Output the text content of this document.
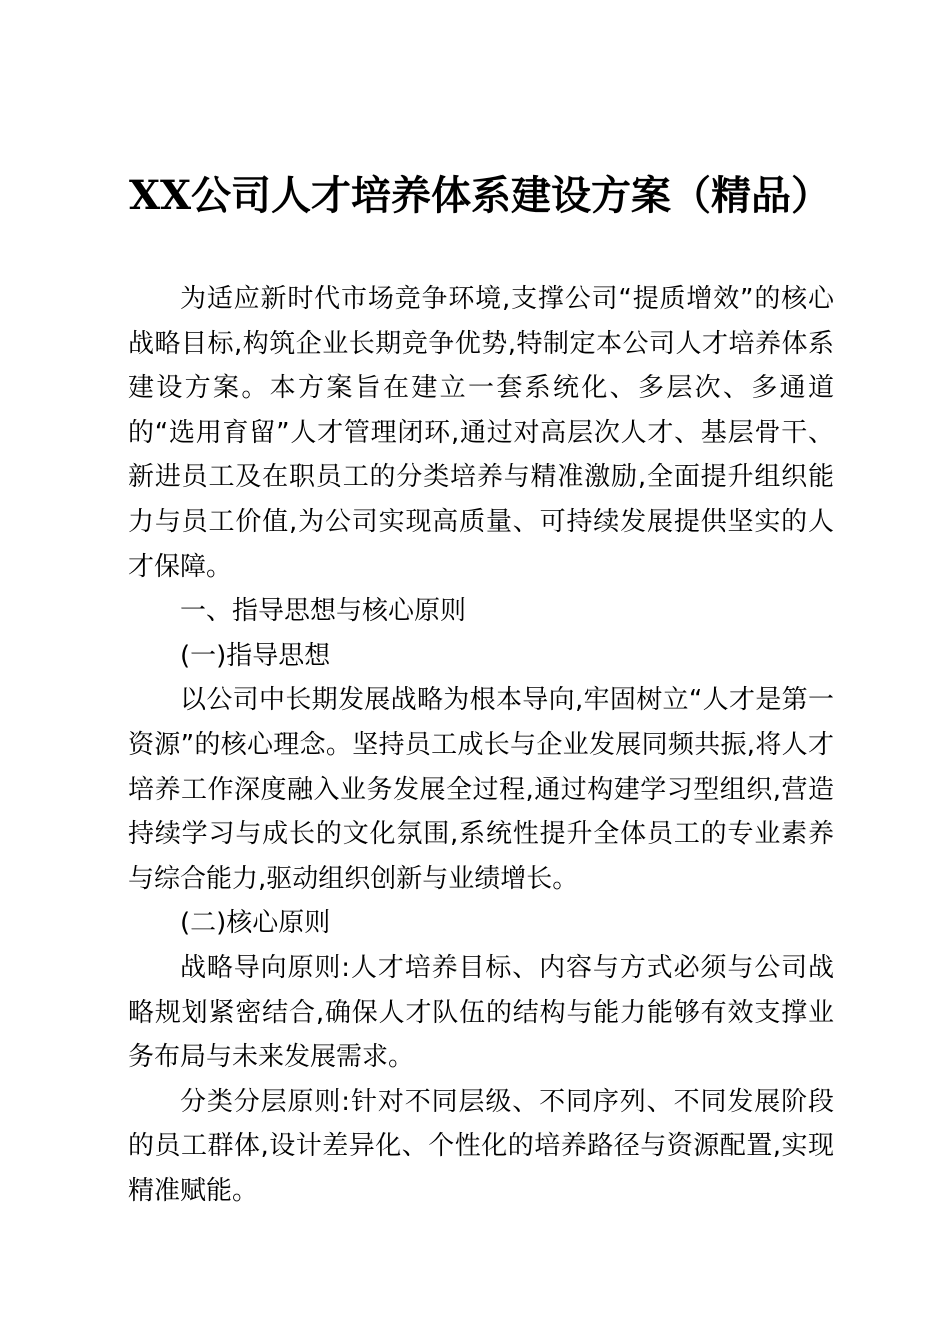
XX公司人才培养体系建设方案（精品）

为适应新时代市场竞争环境,支撑公司“提质增效”的核心战略目标,构筑企业长期竞争优势,特制定本公司人才培养体系建设方案。本方案旨在建立一套系统化、多层次、多通道的“选用育留”人才管理闭环,通过对高层次人才、基层骨干、新进员工及在职员工的分类培养与精准激励,全面提升组织能力与员工价值,为公司实现高质量、可持续发展提供坚实的人才保障。

一、指导思想与核心原则

(一)指导思想

以公司中长期发展战略为根本导向,牢固树立“人才是第一资源”的核心理念。坚持员工成长与企业发展同频共振,将人才培养工作深度融入业务发展全过程,通过构建学习型组织,营造持续学习与成长的文化氛围,系统性提升全体员工的专业素养与综合能力,驱动组织创新与业绩增长。

(二)核心原则

战略导向原则:人才培养目标、内容与方式必须与公司战略规划紧密结合,确保人才队伍的结构与能力能够有效支撑业务布局与未来发展需求。

分类分层原则:针对不同层级、不同序列、不同发展阶段的员工群体,设计差异化、个性化的培养路径与资源配置,实现精准赋能。
